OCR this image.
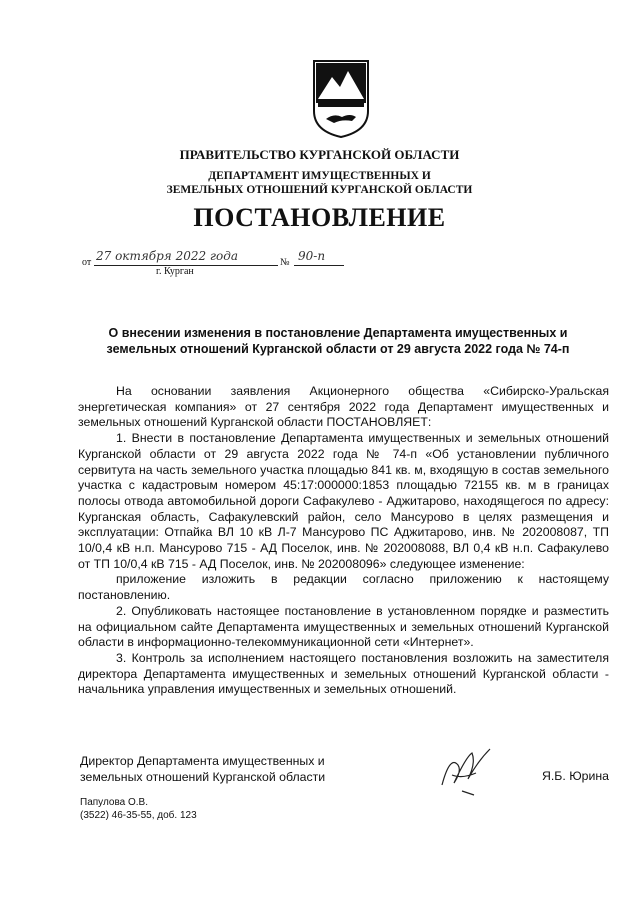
ПРАВИТЕЛЬСТВО КУРГАНСКОЙ ОБЛАСТИ
ДЕПАРТАМЕНТ ИМУЩЕСТВЕННЫХ И
ЗЕМЕЛЬНЫХ ОТНОШЕНИЙ КУРГАНСКОЙ ОБЛАСТИ
ПОСТАНОВЛЕНИЕ
от 27 октября 2022 года	№ 90-п
г. Курган
О внесении изменения в постановление Департамента имущественных и
земельных отношений Курганской области от 29 августа 2022 года № 74-п

На основании заявления Акционерного общества «Сибирско-Уральская энергетическая компания» от 27 сентября 2022 года Департамент имущественных и земельных отношений Курганской области ПОСТАНОВЛЯЕТ:

1. Внести в постановление Департамента имущественных и земельных отношений Курганской области от 29 августа 2022 года № 74-п «Об установлении публичного сервитута на часть земельного участка площадью 841 кв. м, входящую в состав земельного участка с кадастровым номером 45:17:000000:1853 площадью 72155 кв. м в границах полосы отвода автомобильной дороги Сафакулево - Аджитарово, находящегося по адресу: Курганская область, Сафакулевский район, село Мансурово в целях размещения и эксплуатации: Отпайка ВЛ 10 кВ Л-7 Мансурово ПС Аджитарово, инв. № 202008087, ТП 10/0,4 кВ н.п. Мансурово 715 - АД Поселок, инв. № 202008088, ВЛ 0,4 кВ н.п. Сафакулево от ТП 10/0,4 кВ 715 - АД Поселок, инв. № 202008096» следующее изменение:

приложение изложить в редакции согласно приложению к настоящему постановлению.

2. Опубликовать настоящее постановление в установленном порядке и разместить на официальном сайте Департамента имущественных и земельных отношений Курганской области в информационно-телекоммуникационной сети «Интернет».

3. Контроль за исполнением настоящего постановления возложить на заместителя директора Департамента имущественных и земельных отношений Курганской области - начальника управления имущественных и земельных отношений.

Директор Департамента имущественных и
земельных отношений Курганской области	Я.Б. Юрина
Папулова О.В.
(3522) 46-35-55, доб. 123
